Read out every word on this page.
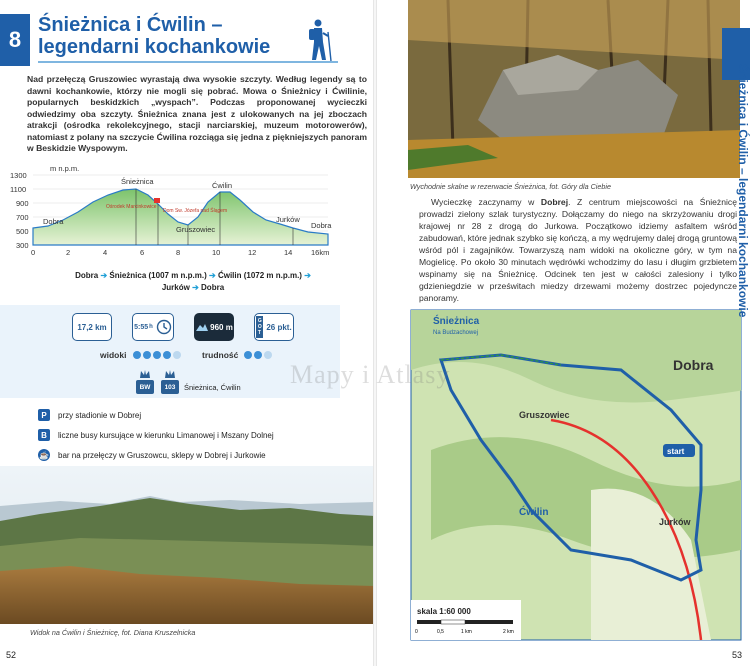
8
Śnieżnica i Ćwilin –
legendarni kochankowie
Nad przełęczą Gruszowiec wyrastają dwa wysokie szczyty. Według legendy są to dawni kochankowie, którzy nie mogli się pobrać. Mowa o Śnieżnicy i Ćwilinie, popularnych beskidzkich „wyspach”. Podczas proponowanej wycieczki odwiedzimy oba szczyty. Śnieżnica znana jest z ulokowanych na jej zboczach atrakcji (ośrodka rekolekcyjnego, stacji narciarskiej, muzeum motorowerów), natomiast z polany na szczycie Ćwilina rozciąga się jedna z piękniejszych panoram w Beskidzie Wyspowym.
m n.p.m.
1300
1100
900
700
500
300
Dobra
Śnieżnica
Ośrodek Marcinkowice
Dom Sw. Józefa nad Ślągem
Gruszowiec
Ćwilin
Jurków
Dobra
0	2	4	6	8	10	12	14 16km
Dobra ➔ Śnieżnica (1007 m n.p.m.) ➔ Ćwilin (1072 m n.p.m.) ➔
Jurków ➔ Dobra
17,2 km	5:55 h	960 m
G
O
T
26 pkt.
widoki	trudność
BW	103	Śnieżnica, Ćwilin
P	przy stadionie w Dobrej
B	liczne busy kursujące w kierunku Limanowej i Mszany Dolnej
☕ bar na przełęczy w Gruszowcu, sklepy w Dobrej i Jurkowie
Widok na Ćwilin i Śnieżnicę, fot. Diana Kruszelnicka
52
Wychodnie skalne w rezerwacie Śnieżnica, fot. Góry dla Ciebie
Wycieczkę zaczynamy w Dobrej. Z centrum miejscowości na Śnieżnicę prowadzi zielony szlak turystyczny. Dołączamy do niego na skrzyżowaniu drogi krajowej nr 28 z drogą do Jurkowa. Początkowo idziemy asfaltem wśród zabudowań, które jednak szybko się kończą, a my wędrujemy dalej drogą gruntową wśród pól i zagajników. Towarzyszą nam widoki na okoliczne góry, w tym na Mogielicę. Po około 30 minutach wędrówki wchodzimy do lasu i długim grzbietem wspinamy się na Śnieżnicę. Odcinek ten jest w całości zalesiony i tylko gdzieniegdzie w prześwitach miedzy drzewami możemy dostrzec pojedyncze panoramy.
53
Śnieżnica
Na Budzachowej
Dobra
Gruszowiec
Ćwilin
Jurków
start
skala 1:60 000
0	0,5	1 km	2 km
Śnieżnica i Ćwilin – legendarni kochankowie
Mapy i Atlasy
